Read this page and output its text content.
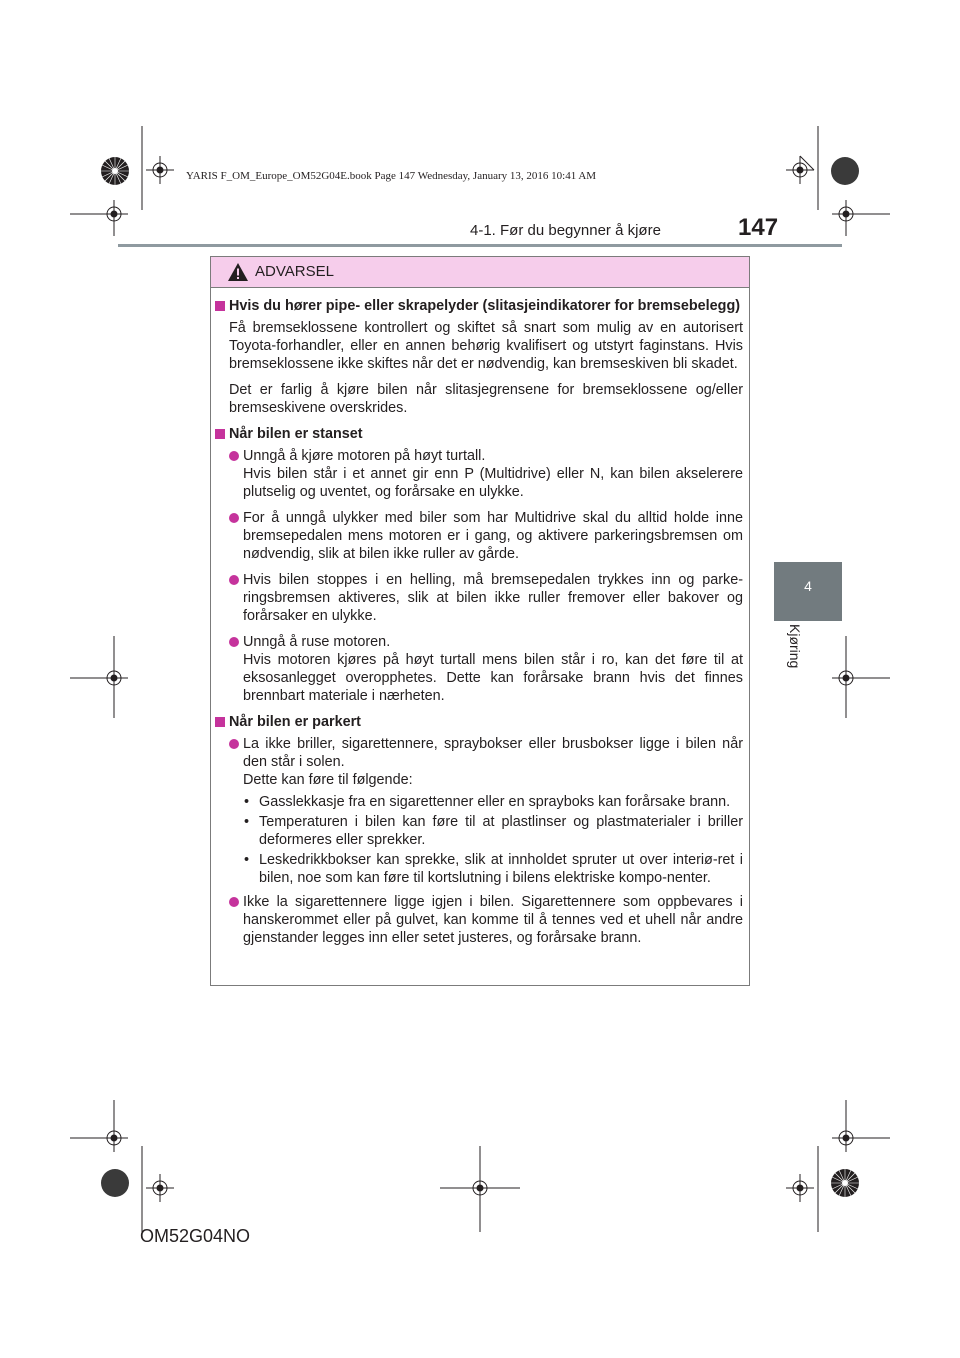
YARIS F_OM_Europe_OM52G04E.book Page 147 Wednesday, January 13, 2016 10:41 AM
4-1. Før du begynner å kjøre	147
4
Kjøring
ADVARSEL
Hvis du hører pipe- eller skrapelyder (slitasjeindikatorer for bremsebelegg)
Få bremseklossene kontrollert og skiftet så snart som mulig av en autorisert Toyota-forhandler, eller en annen behørig kvalifisert og utstyrt faginstans. Hvis bremseklossene ikke skiftes når det er nødvendig, kan bremseskiven bli skadet.
Det er farlig å kjøre bilen når slitasjegrensene for bremseklossene og/eller bremseskivene overskrides.
Når bilen er stanset
Unngå å kjøre motoren på høyt turtall.
Hvis bilen står i et annet gir enn P (Multidrive) eller N, kan bilen akselerere plutselig og uventet, og forårsake en ulykke.
For å unngå ulykker med biler som har Multidrive skal du alltid holde inne bremsepedalen mens motoren er i gang, og aktivere parkeringsbremsen om nødvendig, slik at bilen ikke ruller av gårde.
Hvis bilen stoppes i en helling, må bremsepedalen trykkes inn og parke-ringsbremsen aktiveres, slik at bilen ikke ruller fremover eller bakover og forårsaker en ulykke.
Unngå å ruse motoren.
Hvis motoren kjøres på høyt turtall mens bilen står i ro, kan det føre til at eksosanlegget overopphetes. Dette kan forårsake brann hvis det finnes brennbart materiale i nærheten.
Når bilen er parkert
La ikke briller, sigarettennere, spraybokser eller brusbokser ligge i bilen når den står i solen.
Dette kan føre til følgende:
• Gasslekkasje fra en sigarettenner eller en sprayboks kan forårsake brann.
• Temperaturen i bilen kan føre til at plastlinser og plastmaterialer i briller deformeres eller sprekker.
• Leskedrikkbokser kan sprekke, slik at innholdet spruter ut over interiø-ret i bilen, noe som kan føre til kortslutning i bilens elektriske kompo-nenter.
Ikke la sigarettennere ligge igjen i bilen. Sigarettennere som oppbevares i hanskerommet eller på gulvet, kan komme til å tennes ved et uhell når andre gjenstander legges inn eller setet justeres, og forårsake brann.
OM52G04NO
